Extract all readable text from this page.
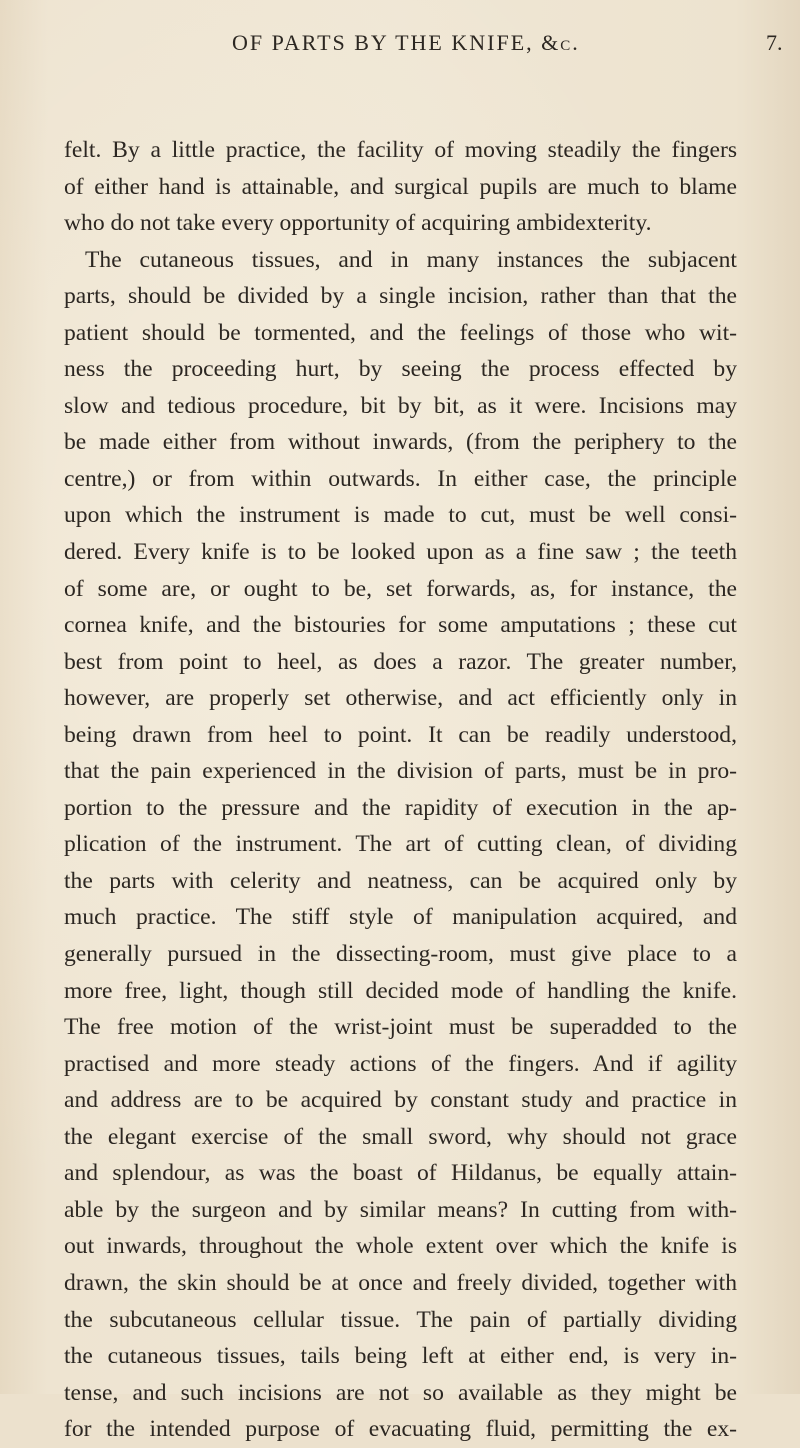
OF PARTS BY THE KNIFE, &c.	7.
felt. By a little practice, the facility of moving steadily the fingers
of either hand is attainable, and surgical pupils are much to blame
who do not take every opportunity of acquiring ambidexterity.
The cutaneous tissues, and in many instances the subjacent
parts, should be divided by a single incision, rather than that the
patient should be tormented, and the feelings of those who wit-
ness the proceeding hurt, by seeing the process effected by
slow and tedious procedure, bit by bit, as it were. Incisions may
be made either from without inwards, (from the periphery to the
centre,) or from within outwards. In either case, the principle
upon which the instrument is made to cut, must be well consi-
dered. Every knife is to be looked upon as a fine saw ; the teeth
of some are, or ought to be, set forwards, as, for instance, the
cornea knife, and the bistouries for some amputations ; these cut
best from point to heel, as does a razor. The greater number,
however, are properly set otherwise, and act efficiently only in
being drawn from heel to point. It can be readily understood,
that the pain experienced in the division of parts, must be in pro-
portion to the pressure and the rapidity of execution in the ap-
plication of the instrument. The art of cutting clean, of dividing
the parts with celerity and neatness, can be acquired only by
much practice. The stiff style of manipulation acquired, and
generally pursued in the dissecting-room, must give place to a
more free, light, though still decided mode of handling the knife.
The free motion of the wrist-joint must be superadded to the
practised and more steady actions of the fingers. And if agility
and address are to be acquired by constant study and practice in
the elegant exercise of the small sword, why should not grace
and splendour, as was the boast of Hildanus, be equally attain-
able by the surgeon and by similar means? In cutting from with-
out inwards, throughout the whole extent over which the knife is
drawn, the skin should be at once and freely divided, together with
the subcutaneous cellular tissue. The pain of partially dividing
the cutaneous tissues, tails being left at either end, is very in-
tense, and such incisions are not so available as they might be
for the intended purpose of evacuating fluid, permitting the ex-
